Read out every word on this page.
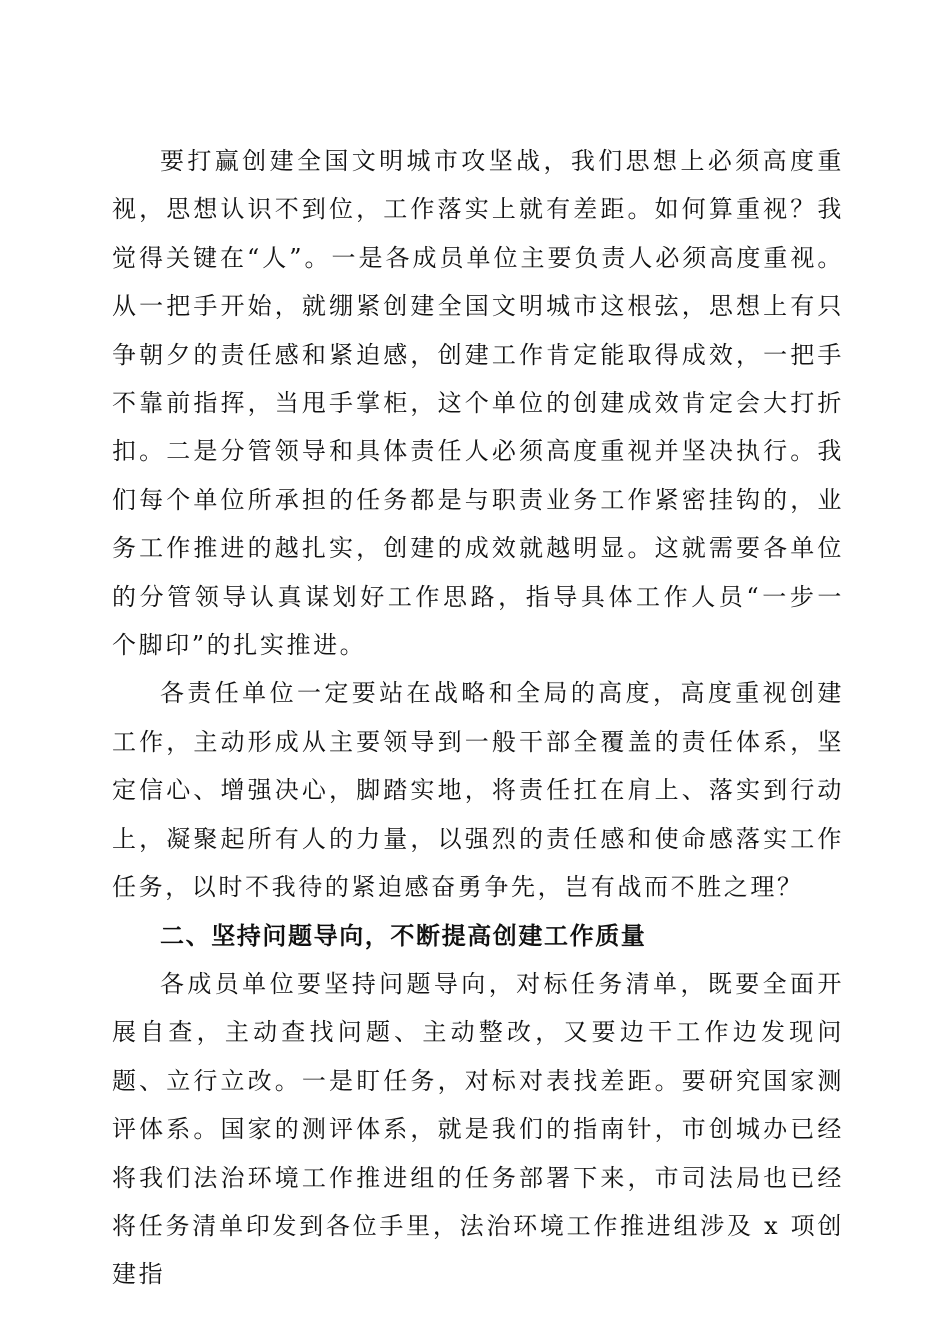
要打赢创建全国文明城市攻坚战，我们思想上必须高度重视，思想认识不到位，工作落实上就有差距。如何算重视？我觉得关键在“人”。一是各成员单位主要负责人必须高度重视。从一把手开始，就绷紧创建全国文明城市这根弦，思想上有只争朝夕的责任感和紧迫感，创建工作肯定能取得成效，一把手不靠前指挥，当甩手掌柜，这个单位的创建成效肯定会大打折扣。二是分管领导和具体责任人必须高度重视并坚决执行。我们每个单位所承担的任务都是与职责业务工作紧密挂钩的，业务工作推进的越扎实，创建的成效就越明显。这就需要各单位的分管领导认真谋划好工作思路，指导具体工作人员“一步一个脚印”的扎实推进。

各责任单位一定要站在战略和全局的高度，高度重视创建工作，主动形成从主要领导到一般干部全覆盖的责任体系，坚定信心、增强决心，脚踏实地，将责任扛在肩上、落实到行动上，凝聚起所有人的力量，以强烈的责任感和使命感落实工作任务，以时不我待的紧迫感奋勇争先，岂有战而不胜之理？

二、坚持问题导向，不断提高创建工作质量

各成员单位要坚持问题导向，对标任务清单，既要全面开展自查，主动查找问题、主动整改，又要边干工作边发现问题、立行立改。一是盯任务，对标对表找差距。要研究国家测评体系。国家的测评体系，就是我们的指南针，市创城办已经将我们法治环境工作推进组的任务部署下来，市司法局也已经将任务清单印发到各位手里，法治环境工作推进组涉及 x 项创建指
